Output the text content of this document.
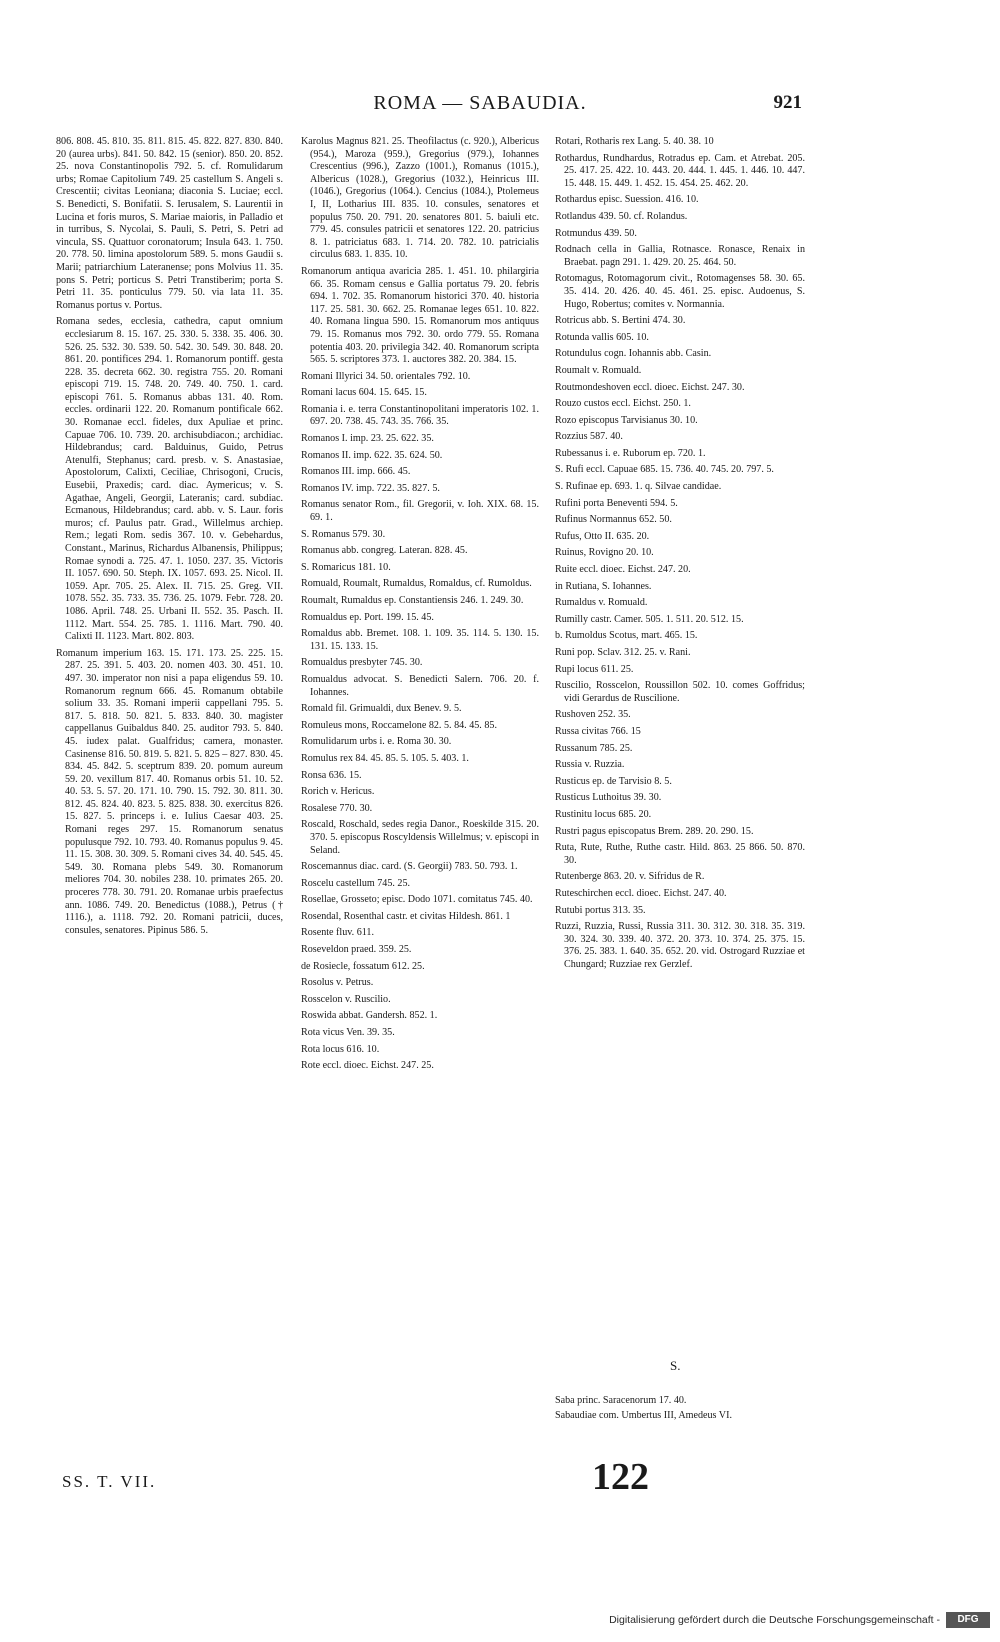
ROMA — SABAUDIA.	921

806. 808. 45. 810. 35. 811. 815. 45. 822. 827. 830. 840. 20 (aurea urbs). 841. 50. 842. 15 (senior). 850. 20. 852. 25. nova Constantinopolis 792. 5. cf. Romulidarum urbs; Romae Capitolium 749. 25 castellum S. Angeli s. Crescentii; civitas Leoniana; diaconia S. Luciae; eccl. S. Benedicti, S. Bonifatii. S. Ierusalem, S. Laurentii in Lucina et foris muros, S. Mariae maioris, in Palladio et in turribus, S. Nycolai, S. Pauli, S. Petri, S. Petri ad vincula, SS. Quattuor coronatorum; Insula 643. 1. 750. 20. 778. 50. limina apostolorum 589. 5. mons Gaudii s. Marii; patriarchium Lateranense; pons Molvius 11. 35. pons S. Petri; porticus S. Petri Transtiberim; porta S. Petri 11. 35. ponticulus 779. 50. via lata 11. 35. Romanus portus v. Portus.

Romana sedes, ecclesia, cathedra, caput omnium ecclesiarum 8. 15. 167. 25. 330. 5. 338. 35. 406. 30. 526. 25. 532. 30. 539. 50. 542. 30. 549. 30. 848. 20. 861. 20. pontifices 294. 1. Romanorum pontiff. gesta 228. 35. decreta 662. 30. registra 755. 20. Romani episcopi 719. 15. 748. 20. 749. 40. 750. 1. card. episcopi 761. 5. Romanus abbas 131. 40. Rom. eccles. ordinarii 122. 20. Romanum pontificale 662. 30. Romanae eccl. fideles, dux Apuliae et princ. Capuae 706. 10. 739. 20. archisubdiacon.; archidiac. Hildebrandus; card. Balduinus, Guido, Petrus Atenulfi, Stephanus; card. presb. v. S. Anastasiae, Apostolorum, Calixti, Ceciliae, Chrisogoni, Crucis, Eusebii, Praxedis; card. diac. Aymericus; v. S. Agathae, Angeli, Georgii, Lateranis; card. subdiac. Ecmanous, Hildebrandus; card. abb. v. S. Laur. foris muros; cf. Paulus patr. Grad., Willelmus archiep. Rem.; legati Rom. sedis 367. 10. v. Gebehardus, Constant., Marinus, Richardus Albanensis, Philippus; Romae synodi a. 725. 47. 1. 1050. 237. 35. Victoris II. 1057. 690. 50. Steph. IX. 1057. 693. 25. Nicol. II. 1059. Apr. 705. 25. Alex. II. 715. 25. Greg. VII. 1078. 552. 35. 733. 35. 736. 25. 1079. Febr. 728. 20. 1086. April. 748. 25. Urbani II. 552. 35. Pasch. II. 1112. Mart. 554. 25. 785. 1. 1116. Mart. 790. 40. Calixti II. 1123. Mart. 802. 803.

Romanum imperium 163. 15. 171. 173. 25. 225. 15. 287. 25. 391. 5. 403. 20. nomen 403. 30. 451. 10. 497. 30. imperator non nisi a papa eligendus 59. 10. Romanorum regnum 666. 45. Romanum obtabile solium 33. 35. Romani imperii cappellani 795. 5. 817. 5. 818. 50. 821. 5. 833. 840. 30. magister cappellanus Guibaldus 840. 25. auditor 793. 5. 840. 45. iudex palat. Gualfridus; camera, monaster. Casinense 816. 50. 819. 5. 821. 5. 825 – 827. 830. 45. 834. 45. 842. 5. sceptrum 839. 20. pomum aureum 59. 20. vexillum 817. 40. Romanus orbis 51. 10. 52. 40. 53. 5. 57. 20. 171. 10. 790. 15. 792. 30. 811. 30. 812. 45. 824. 40. 823. 5. 825. 838. 30. exercitus 826. 15. 827. 5. princeps i. e. Iulius Caesar 403. 25. Romani reges 297. 15. Romanorum senatus populusque 792. 10. 793. 40. Romanus populus 9. 45. 11. 15. 308. 30. 309. 5. Romani cives 34. 40. 545. 45. 549. 30. Romana plebs 549. 30. Romanorum meliores 704. 30. nobiles 238. 10. primates 265. 20. proceres 778. 30. 791. 20. Romanae urbis praefectus ann. 1086. 749. 20. Benedictus (1088.), Petrus († 1116.), a. 1118. 792. 20. Romani patricii, duces, consules, senatores. Pipinus 586. 5.

Karolus Magnus 821. 25. Theofilactus (c. 920.), Albericus (954.), Maroza (959.), Gregorius (979.), Iohannes Crescentius (996.), Zazzo (1001.), Romanus (1015.), Albericus (1028.), Gregorius (1032.), Heinricus III. (1046.), Gregorius (1064.). Cencius (1084.), Ptolemeus I, II, Lotharius III. 835. 10. consules, senatores et populus 750. 20. 791. 20. senatores 801. 5. baiuli etc. 779. 45. consules patricii et senatores 122. 20. patricius 8. 1. patriciatus 683. 1. 714. 20. 782. 10. patricialis circulus 683. 1. 835. 10.

Romanorum antiqua avaricia 285. 1. 451. 10. philargiria 66. 35. Romam census e Gallia portatus 79. 20. febris 694. 1. 702. 35. Romanorum historici 370. 40. historia 117. 25. 581. 30. 662. 25. Romanae leges 651. 10. 822. 40. Romana lingua 590. 15. Romanorum mos antiquus 79. 15. Romanus mos 792. 30. ordo 779. 55. Romana potentia 403. 20. privilegia 342. 40. Romanorum scripta 565. 5. scriptores 373. 1. auctores 382. 20. 384. 15.

Romani Illyrici 34. 50. orientales 792. 10.

Romani lacus 604. 15. 645. 15.

Romania i. e. terra Constantinopolitani imperatoris 102. 1. 697. 20. 738. 45. 743. 35. 766. 35.

Romanos I. imp. 23. 25. 622. 35.

Romanos II. imp. 622. 35. 624. 50.

Romanos III. imp. 666. 45.

Romanos IV. imp. 722. 35. 827. 5.

Romanus senator Rom., fil. Gregorii, v. Ioh. XIX. 68. 15. 69. 1.

S. Romanus 579. 30.

Romanus abb. congreg. Lateran. 828. 45.

S. Romaricus 181. 10.

Romuald, Roumalt, Rumaldus, Romaldus, cf. Rumoldus.

Roumalt, Rumaldus ep. Constantiensis 246. 1. 249. 30.

Romualdus ep. Port. 199. 15. 45.

Romaldus abb. Bremet. 108. 1. 109. 35. 114. 5. 130. 15. 131. 15. 133. 15.

Romualdus presbyter 745. 30.

Romualdus advocat. S. Benedicti Salern. 706. 20. f. Iohannes.

Romald fil. Grimualdi, dux Benev. 9. 5.

Romuleus mons, Roccamelone 82. 5. 84. 45. 85.

Romulidarum urbs i. e. Roma 30. 30.

Romulus rex 84. 45. 85. 5. 105. 5. 403. 1.

Ronsa 636. 15.

Rorich v. Hericus.

Rosalese 770. 30.

Roscald, Roschald, sedes regia Danor., Roeskilde 315. 20. 370. 5. episcopus Roscyldensis Willelmus; v. episcopi in Seland.

Roscemannus diac. card. (S. Georgii) 783. 50. 793. 1.

Roscelu castellum 745. 25.

Rosellae, Grosseto; episc. Dodo 1071. comitatus 745. 40.

Rosendal, Rosenthal castr. et civitas Hildesh. 861. 1

Rosente fluv. 611.

Roseveldon praed. 359. 25.

de Rosiecle, fossatum 612. 25.

Rosolus v. Petrus.

Rosscelon v. Ruscilio.

Roswida abbat. Gandersh. 852. 1.

Rota vicus Ven. 39. 35.

Rota locus 616. 10.

Rote eccl. dioec. Eichst. 247. 25.

Rotari, Rotharis rex Lang. 5. 40. 38. 10

Rothardus, Rundhardus, Rotradus ep. Cam. et Atrebat. 205. 25. 417. 25. 422. 10. 443. 20. 444. 1. 445. 1. 446. 10. 447. 15. 448. 15. 449. 1. 452. 15. 454. 25. 462. 20.

Rothardus episc. Suession. 416. 10.

Rotlandus 439. 50. cf. Rolandus.

Rotmundus 439. 50.

Rodnach cella in Gallia, Rotnasce. Ronasce, Renaix in Braebat. pagn 291. 1. 429. 20. 25. 464. 50.

Rotomagus, Rotomagorum civit., Rotomagenses 58. 30. 65. 35. 414. 20. 426. 40. 45. 461. 25. episc. Audoenus, S. Hugo, Robertus; comites v. Normannia.

Rotricus abb. S. Bertini 474. 30.

Rotunda vallis 605. 10.

Rotundulus cogn. Iohannis abb. Casin.

Roumalt v. Romuald.

Routmondeshoven eccl. dioec. Eichst. 247. 30.

Rouzo custos eccl. Eichst. 250. 1.

Rozo episcopus Tarvisianus 30. 10.

Rozzius 587. 40.

Rubessanus i. e. Ruborum ep. 720. 1.

S. Rufi eccl. Capuae 685. 15. 736. 40. 745. 20. 797. 5.

S. Rufinae ep. 693. 1. q. Silvae candidae.

Rufini porta Beneventi 594. 5.

Rufinus Normannus 652. 50.

Rufus, Otto II. 635. 20.

Ruinus, Rovigno 20. 10.

Ruite eccl. dioec. Eichst. 247. 20.

in Rutiana, S. Iohannes.

Rumaldus v. Romuald.

Rumilly castr. Camer. 505. 1. 511. 20. 512. 15.

b. Rumoldus Scotus, mart. 465. 15.

Runi pop. Sclav. 312. 25. v. Rani.

Rupi locus 611. 25.

Ruscilio, Rosscelon, Roussillon 502. 10. comes Goffridus; vidi Gerardus de Ruscilione.

Rushoven 252. 35.

Russa civitas 766. 15

Russanum 785. 25.

Russia v. Ruzzia.

Rusticus ep. de Tarvisio 8. 5.

Rusticus Luthoitus 39. 30.

Rustinitu locus 685. 20.

Rustri pagus episcopatus Brem. 289. 20. 290. 15.

Ruta, Rute, Ruthe, Ruthe castr. Hild. 863. 25 866. 50. 870. 30.

Rutenberge 863. 20. v. Sifridus de R.

Ruteschirchen eccl. dioec. Eichst. 247. 40.

Rutubi portus 313. 35.

Ruzzi, Ruzzia, Russi, Russia 311. 30. 312. 30. 318. 35. 319. 30. 324. 30. 339. 40. 372. 20. 373. 10. 374. 25. 375. 15. 376. 25. 383. 1. 640. 35. 652. 20. vid. Ostrogard Ruzziae et Chungard; Ruzziae rex Gerzlef.

S.

Saba princ. Saracenorum 17. 40.

Sabaudiae com. Umbertus III, Amedeus VI.

SS. T. VII.	122
Digitalisierung gefördert durch die Deutsche Forschungsgemeinschaft -	DFG
